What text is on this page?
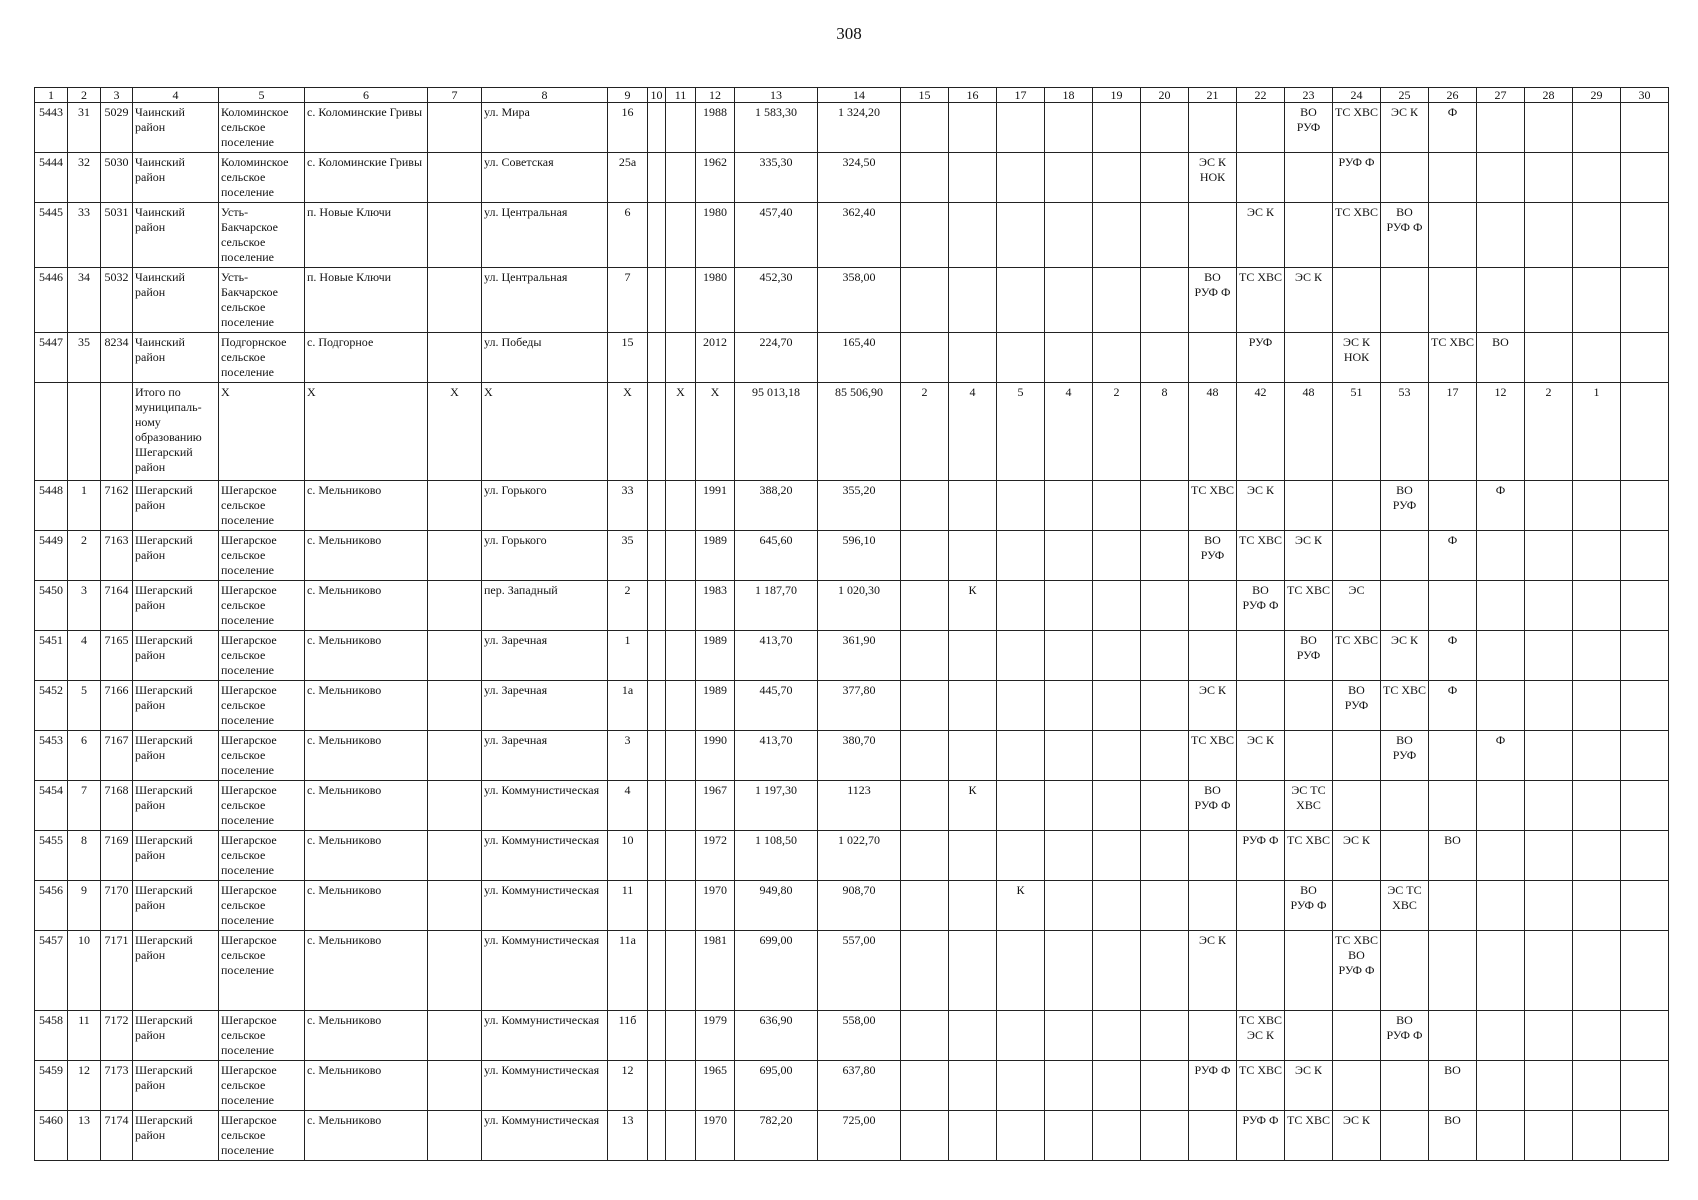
308
1	2	3	4	5	6	7	8	9	10	11	12	13	14	15	16	17	18	19	20	21	22	23	24	25	26	27	28	29	30
5443	31	5029	Чаинский район	Коломинское сельское поселение	с. Коломинские Гривы		ул. Мира	16			1988	1 583,30	1 324,20									ВО РУФ	ТС ХВС	ЭС К	Ф				
5444	32	5030	Чаинский район	Коломинское сельское поселение	с. Коломинские Гривы		ул. Советская	25а			1962	335,30	324,50							ЭС К НОК			РУФ Ф						
5445	33	5031	Чаинский район	Усть-Бакчарское сельское поселение	п. Новые Ключи		ул. Центральная	6			1980	457,40	362,40								ЭС К		ТС ХВС	ВО РУФ Ф					
5446	34	5032	Чаинский район	Усть-Бакчарское сельское поселение	п. Новые Ключи		ул. Центральная	7			1980	452,30	358,00							ВО РУФ Ф	ТС ХВС	ЭС К							
5447	35	8234	Чаинский район	Подгорнское сельское поселение	с. Подгорное		ул. Победы	15			2012	224,70	165,40								РУФ		ЭС К НОК		ТС ХВС	ВО			
			Итого по муниципаль-ному образованию Шегарский район	Х	Х	Х	Х	Х		Х	Х	95 013,18	85 506,90	2	4	5	4	2	8	48	42	48	51	53	17	12	2	1	
5448	1	7162	Шегарский район	Шегарское сельское поселение	с. Мельниково		ул. Горького	33			1991	388,20	355,20							ТС ХВС	ЭС К			ВО РУФ		Ф			
5449	2	7163	Шегарский район	Шегарское сельское поселение	с. Мельниково		ул. Горького	35			1989	645,60	596,10							ВО РУФ	ТС ХВС	ЭС К			Ф				
5450	3	7164	Шегарский район	Шегарское сельское поселение	с. Мельниково		пер. Западный	2			1983	1 187,70	1 020,30		К						ВО РУФ Ф	ТС ХВС	ЭС						
5451	4	7165	Шегарский район	Шегарское сельское поселение	с. Мельниково		ул. Заречная	1			1989	413,70	361,90									ВО РУФ	ТС ХВС	ЭС К	Ф				
5452	5	7166	Шегарский район	Шегарское сельское поселение	с. Мельниково		ул. Заречная	1а			1989	445,70	377,80							ЭС К			ВО РУФ	ТС ХВС	Ф				
5453	6	7167	Шегарский район	Шегарское сельское поселение	с. Мельниково		ул. Заречная	3			1990	413,70	380,70							ТС ХВС	ЭС К			ВО РУФ		Ф			
5454	7	7168	Шегарский район	Шегарское сельское поселение	с. Мельниково		ул. Коммунистическая	4			1967	1 197,30	1123		К					ВО РУФ Ф		ЭС ТС ХВС							
5455	8	7169	Шегарский район	Шегарское сельское поселение	с. Мельниково		ул. Коммунистическая	10			1972	1 108,50	1 022,70								РУФ Ф	ТС ХВС	ЭС К		ВО				
5456	9	7170	Шегарский район	Шегарское сельское поселение	с. Мельниково		ул. Коммунистическая	11			1970	949,80	908,70			К						ВО РУФ Ф		ЭС ТС ХВС					
5457	10	7171	Шегарский район	Шегарское сельское поселение	с. Мельниково		ул. Коммунистическая	11а			1981	699,00	557,00							ЭС К			ТС ХВС ВО РУФ Ф						
5458	11	7172	Шегарский район	Шегарское сельское поселение	с. Мельниково		ул. Коммунистическая	11б			1979	636,90	558,00								ТС ХВС ЭС К			ВО РУФ Ф					
5459	12	7173	Шегарский район	Шегарское сельское поселение	с. Мельниково		ул. Коммунистическая	12			1965	695,00	637,80							РУФ Ф	ТС ХВС	ЭС К			ВО				
5460	13	7174	Шегарский район	Шегарское сельское поселение	с. Мельниково		ул. Коммунистическая	13			1970	782,20	725,00								РУФ Ф	ТС ХВС	ЭС К		ВО				
